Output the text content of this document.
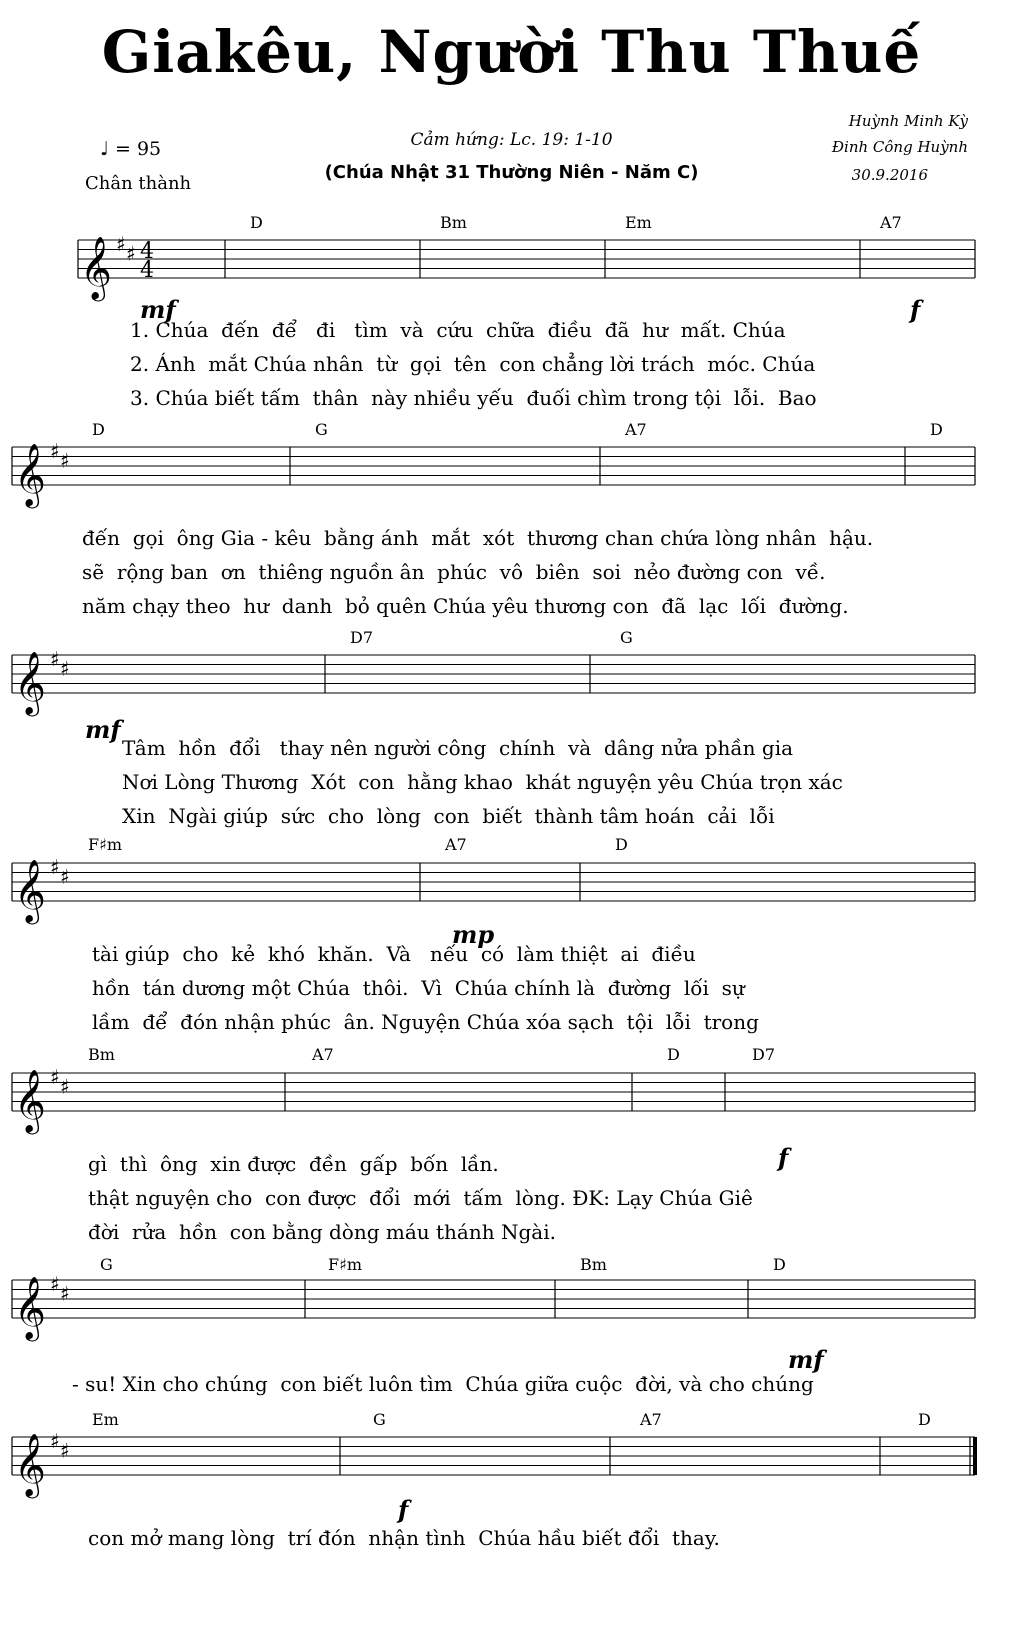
Giakêu, Người Thu Thuế
♩ = 95
Chân thành
Cảm hứng: Lc. 19: 1-10
(Chúa Nhật 31 Thường Niên - Năm C)
Huỳnh Minh Kỳ
Đinh Công Huỳnh
30.9.2016
𝄞 ♯ ♯ 4
4
𝄞 ♯ ♯
𝄞 ♯ ♯
𝄞 ♯ ♯
𝄞 ♯ ♯
𝄞 ♯ ♯
𝄞 ♯ ♯
D	Bm	Em	A7
mf	f
1. Chúa  đến  để   đi   tìm  và  cứu  chữa  điều  đã  hư  mất. Chúa
2. Ánh  mắt Chúa nhân  từ  gọi  tên  con chẳng lời trách  móc. Chúa
3. Chúa biết tấm  thân  này nhiều yếu  đuối chìm trong tội  lỗi.  Bao
D	G	A7	D
đến  gọi  ông Gia - kêu  bằng ánh  mắt  xót  thương chan chứa lòng nhân  hậu.
sẽ  rộng ban  ơn  thiêng nguồn ân  phúc  vô  biên  soi  nẻo đường con  về.
năm chạy theo  hư  danh  bỏ quên Chúa yêu thương con  đã  lạc  lối  đường.
D7	G
mf
Tâm  hồn  đổi   thay nên người công  chính  và  dâng nửa phần gia
Nơi Lòng Thương  Xót  con  hằng khao  khát nguyện yêu Chúa trọn xác
Xin  Ngài giúp  sức  cho  lòng  con  biết  thành tâm hoán  cải  lỗi
F♯m	A7	D
mp
tài giúp  cho  kẻ  khó  khăn.  Và   nếu  có  làm thiệt  ai  điều
hồn  tán dương một Chúa  thôi.  Vì  Chúa chính là  đường  lối  sự
lầm  để  đón nhận phúc  ân. Nguyện Chúa xóa sạch  tội  lỗi  trong
Bm	A7	D	D7
f
gì  thì  ông  xin được  đền  gấp  bốn  lần.
thật nguyện cho  con được  đổi  mới  tấm  lòng. ĐK: Lạy Chúa Giê
đời  rửa  hồn  con bằng dòng máu thánh Ngài.
G	F♯m	Bm	D
mf
- su! Xin cho chúng  con biết luôn tìm  Chúa giữa cuộc  đời, và cho chúng
Em	G	A7	D
f
con mở mang lòng  trí đón  nhận tình  Chúa hầu biết đổi  thay.
